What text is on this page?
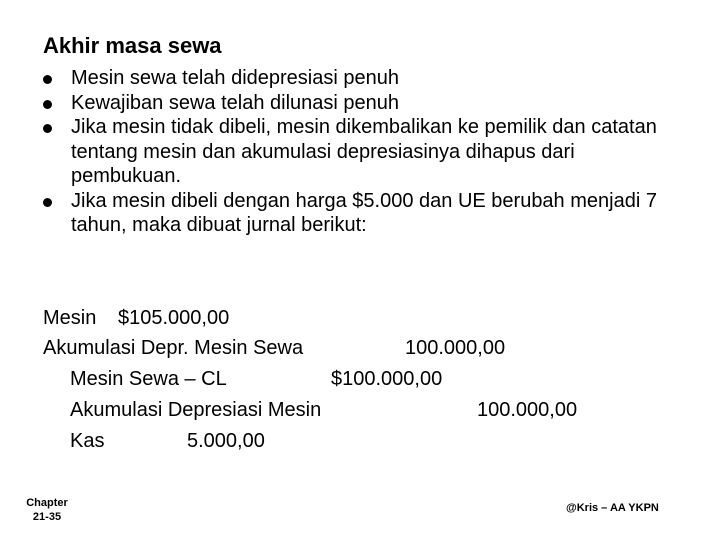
Akhir masa sewa
Mesin sewa telah didepresiasi penuh
Kewajiban sewa telah dilunasi penuh
Jika mesin tidak dibeli, mesin dikembalikan ke pemilik dan catatan tentang mesin dan akumulasi depresiasinya dihapus dari pembukuan.
Jika mesin dibeli dengan harga $5.000 dan UE berubah menjadi 7 tahun, maka dibuat jurnal berikut:
Mesin $105.000,00
Akumulasi Depr. Mesin Sewa	100.000,00
Mesin Sewa – CL	$100.000,00
Akumulasi Depresiasi Mesin	100.000,00
Kas	5.000,00
Chapter
21-35
@Kris – AA YKPN
